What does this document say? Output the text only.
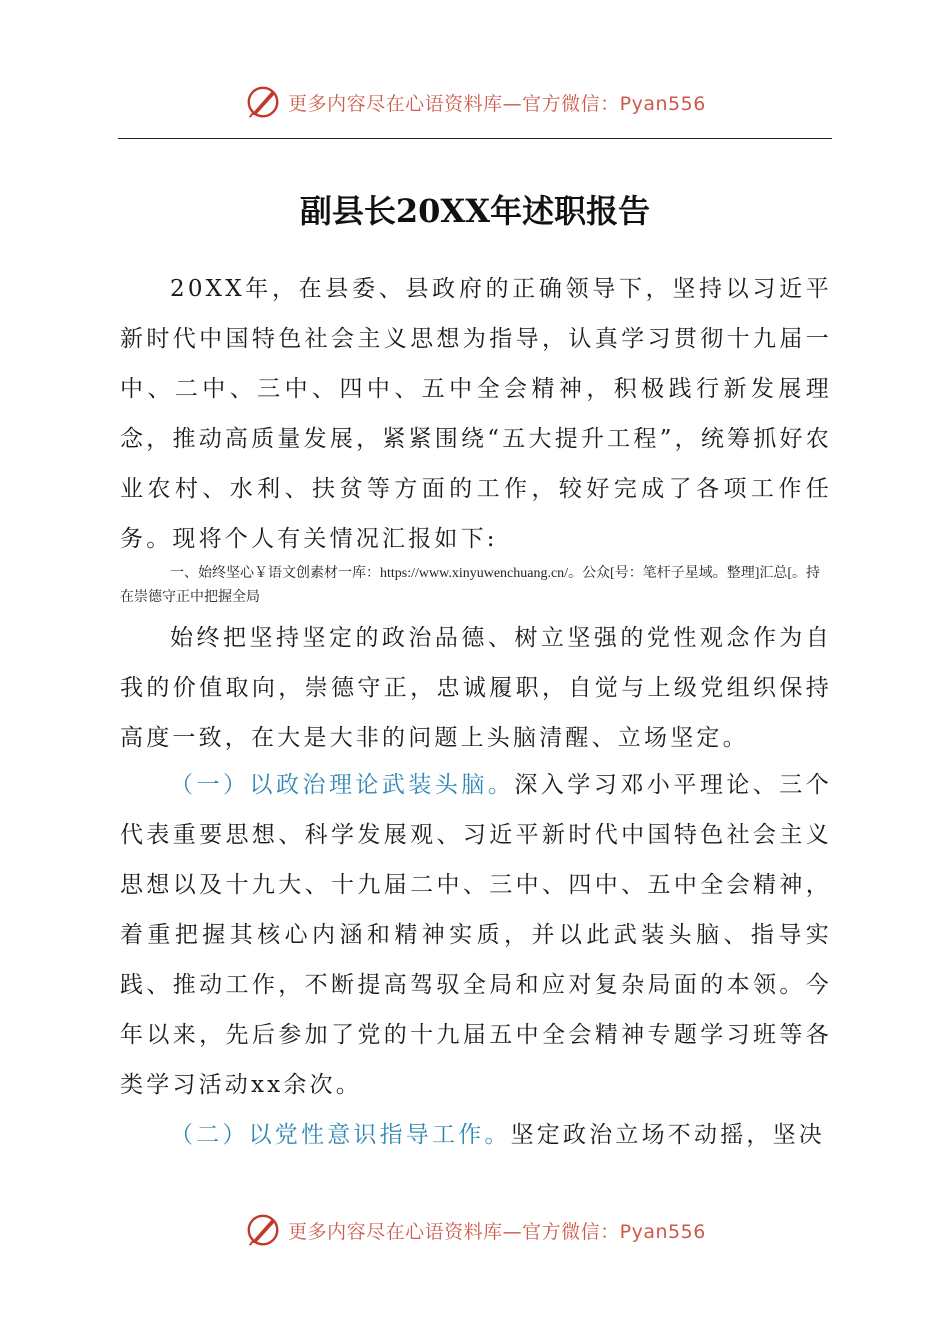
更多内容尽在心语资料库—官方微信：Pyan556
副县长20XX年述职报告

20XX年，在县委、县政府的正确领导下，坚持以习近平新时代中国特色社会主义思想为指导，认真学习贯彻十九届一中、二中、三中、四中、五中全会精神，积极践行新发展理念，推动高质量发展，紧紧围绕“五大提升工程”，统筹抓好农业农村、水利、扶贫等方面的工作，较好完成了各项工作任务。现将个人有关情况汇报如下:

一、始终坚心￥语文创素材一库：https://www.xinyuwenchuang.cn/。公众[号：笔杆子星域。整理]汇总[。持在崇德守正中把握全局

始终把坚持坚定的政治品德、树立坚强的党性观念作为自我的价值取向，崇德守正，忠诚履职，自觉与上级党组织保持高度一致，在大是大非的问题上头脑清醒、立场坚定。

（一）以政治理论武装头脑。深入学习邓小平理论、三个代表重要思想、科学发展观、习近平新时代中国特色社会主义思想以及十九大、十九届二中、三中、四中、五中全会精神，着重把握其核心内涵和精神实质，并以此武装头脑、指导实践、推动工作，不断提高驾驭全局和应对复杂局面的本领。今年以来，先后参加了党的十九届五中全会精神专题学习班等各类学习活动xx余次。

（二）以党性意识指导工作。坚定政治立场不动摇，坚决

更多内容尽在心语资料库—官方微信：Pyan556
